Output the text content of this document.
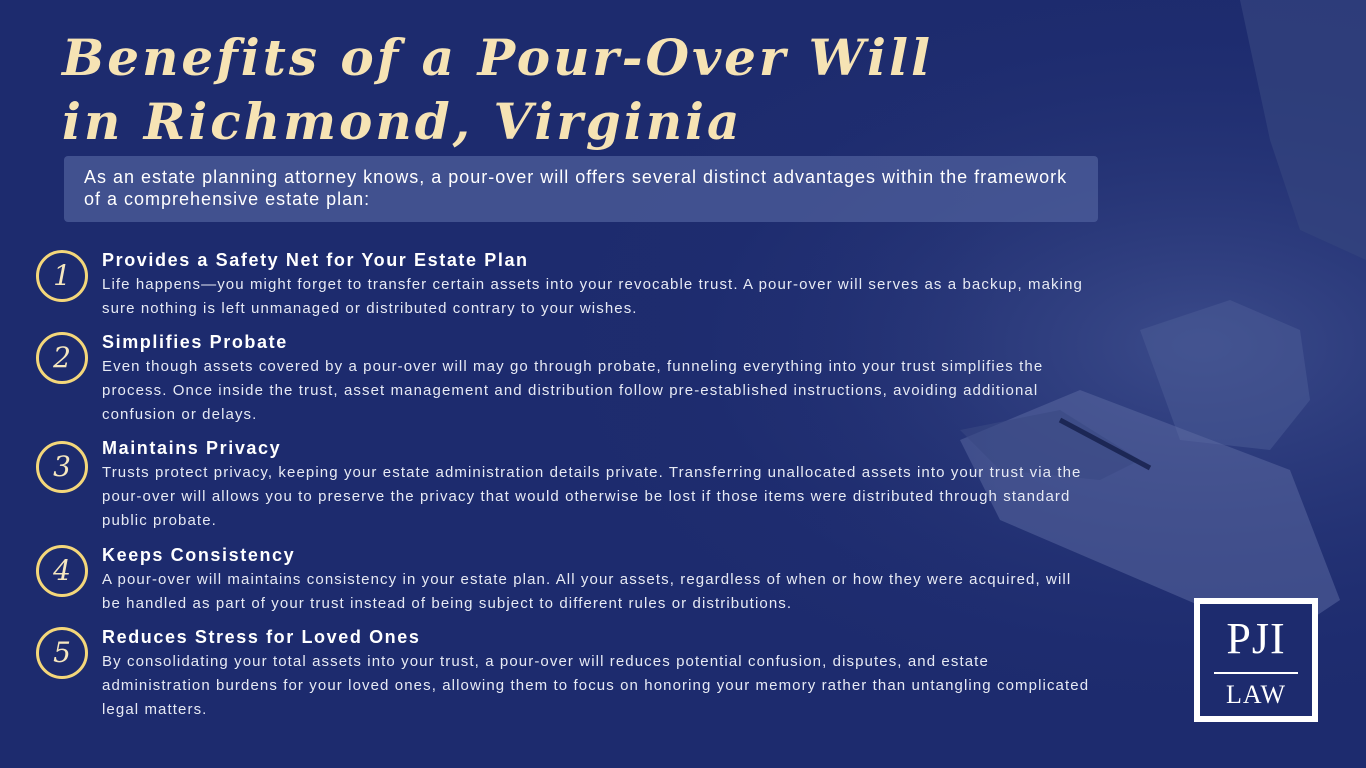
Benefits of a Pour-Over Will
in Richmond, Virginia
As an estate planning attorney knows, a pour-over will offers several distinct advantages within the framework of a comprehensive estate plan:
1	Provides a Safety Net for Your Estate Plan

Life happens—you might forget to transfer certain assets into your revocable trust. A pour-over will serves as a backup, making sure nothing is left unmanaged or distributed contrary to your wishes.

2	Simplifies Probate

Even though assets covered by a pour-over will may go through probate, funneling everything into your trust simplifies the process. Once inside the trust, asset management and distribution follow pre-established instructions, avoiding additional confusion or delays.

3
Maintains Privacy

Trusts protect privacy, keeping your estate administration details private. Transferring unallocated assets into your trust via the pour-over will allows you to preserve the privacy that would otherwise be lost if those items were distributed through standard public probate.

4	Keeps Consistency

A pour-over will maintains consistency in your estate plan. All your assets, regardless of when or how they were acquired, will be handled as part of your trust instead of being subject to different rules or distributions.

5	Reduces Stress for Loved Ones

By consolidating your total assets into your trust, a pour-over will reduces potential confusion, disputes, and estate administration burdens for your loved ones, allowing them to focus on honoring your memory rather than untangling complicated legal matters.

PJI
LAW
